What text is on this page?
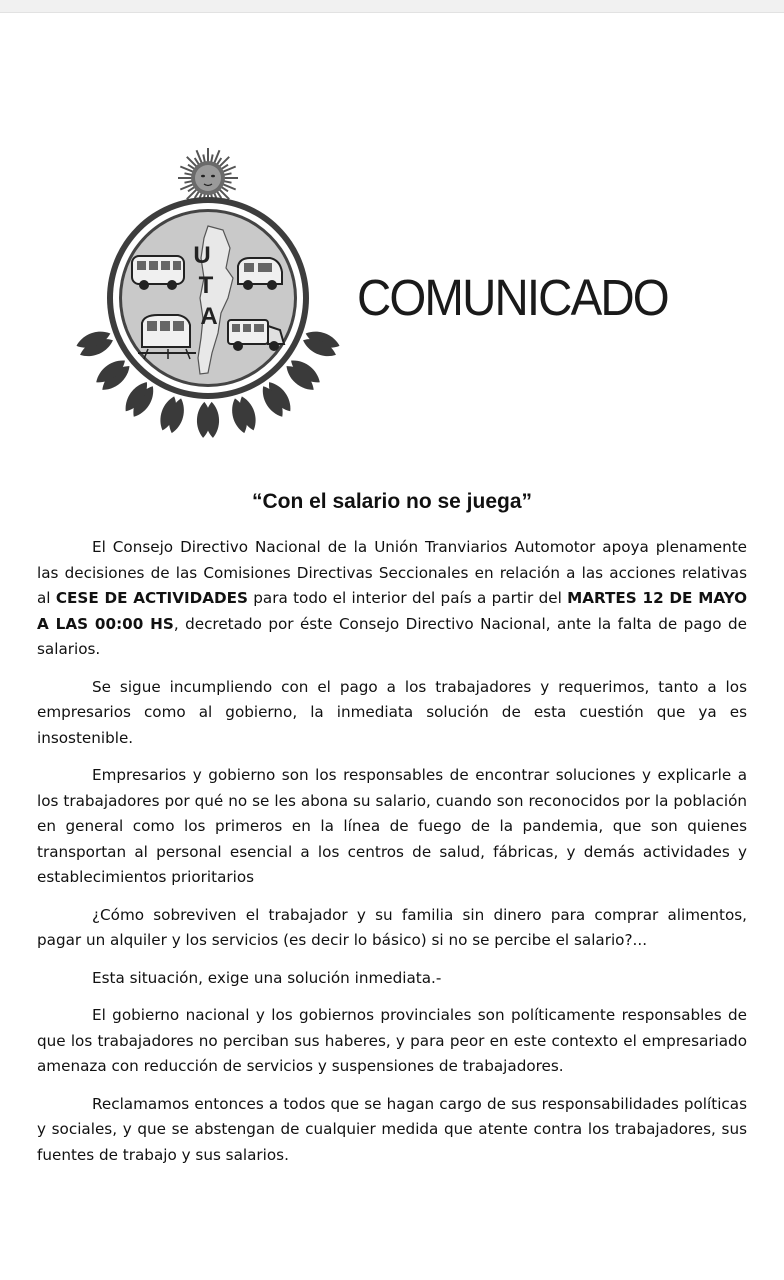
U
T
A	COMUNICADO
“Con el salario no se juega”

El Consejo Directivo Nacional de la Unión Tranviarios Automotor apoya plenamente las decisiones de las Comisiones Directivas Seccionales en relación a las acciones relativas al CESE DE ACTIVIDADES para todo el interior del país a partir del MARTES 12 DE MAYO A LAS 00:00 HS, decretado por éste Consejo Directivo Nacional, ante la falta de pago de salarios.

Se sigue incumpliendo con el pago a los trabajadores y requerimos, tanto a los empresarios como al gobierno, la inmediata solución de esta cuestión que ya es insostenible.

Empresarios y gobierno son los responsables de encontrar soluciones y explicarle a los trabajadores por qué no se les abona su salario, cuando son reconocidos por la población en general como los primeros en la línea de fuego de la pandemia, que son quienes transportan al personal esencial a los centros de salud, fábricas, y demás actividades y establecimientos prioritarios

¿Cómo sobreviven el trabajador y su familia sin dinero para comprar alimentos, pagar un alquiler y los servicios (es decir lo básico) si no se percibe el salario?...

Esta situación, exige una solución inmediata.-

El gobierno nacional y los gobiernos provinciales son políticamente responsables de que los trabajadores no perciban sus haberes, y para peor en este contexto el empresariado amenaza con reducción de servicios y suspensiones de trabajadores.

Reclamamos entonces a todos que se hagan cargo de sus responsabilidades políticas y sociales, y que se abstengan de cualquier medida que atente contra los trabajadores, sus fuentes de trabajo y sus salarios.
